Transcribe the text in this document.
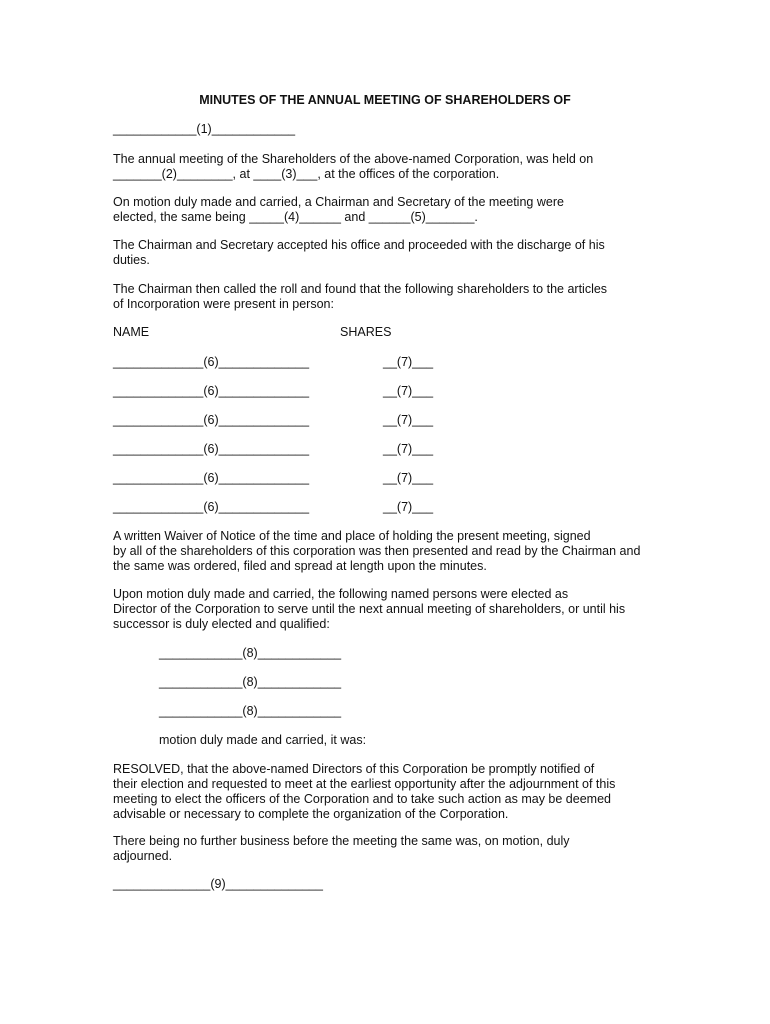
MINUTES OF THE ANNUAL MEETING OF SHAREHOLDERS OF
____________(1)____________
The annual meeting of the Shareholders of the above-named Corporation, was held on
_______(2)________, at ____(3)___, at the offices of the corporation.
On motion duly made and carried, a Chairman and Secretary of the meeting were
elected, the same being _____(4)______ and ______(5)_______.
The Chairman and Secretary accepted his office and proceeded with the discharge of his
duties.
The Chairman then called the roll and found that the following shareholders to the articles
of Incorporation were present in person:
NAME	SHARES
_____________(6)_____________	__(7)___
_____________(6)_____________	__(7)___
_____________(6)_____________	__(7)___
_____________(6)_____________	__(7)___
_____________(6)_____________	__(7)___
_____________(6)_____________	__(7)___
A written Waiver of Notice of the time and place of holding the present meeting, signed
by all of the shareholders of this corporation was then presented and read by the Chairman and
the same was ordered, filed and spread at length upon the minutes.
Upon motion duly made and carried, the following named persons were elected as
Director of the Corporation to serve until the next annual meeting of shareholders, or until his
successor is duly elected and qualified:
____________(8)____________
____________(8)____________
____________(8)____________
motion duly made and carried, it was:
RESOLVED, that the above-named Directors of this Corporation be promptly notified of
their election and requested to meet at the earliest opportunity after the adjournment of this
meeting to elect the officers of the Corporation and to take such action as may be deemed
advisable or necessary to complete the organization of the Corporation.
There being no further business before the meeting the same was, on motion, duly
adjourned.
______________(9)______________
